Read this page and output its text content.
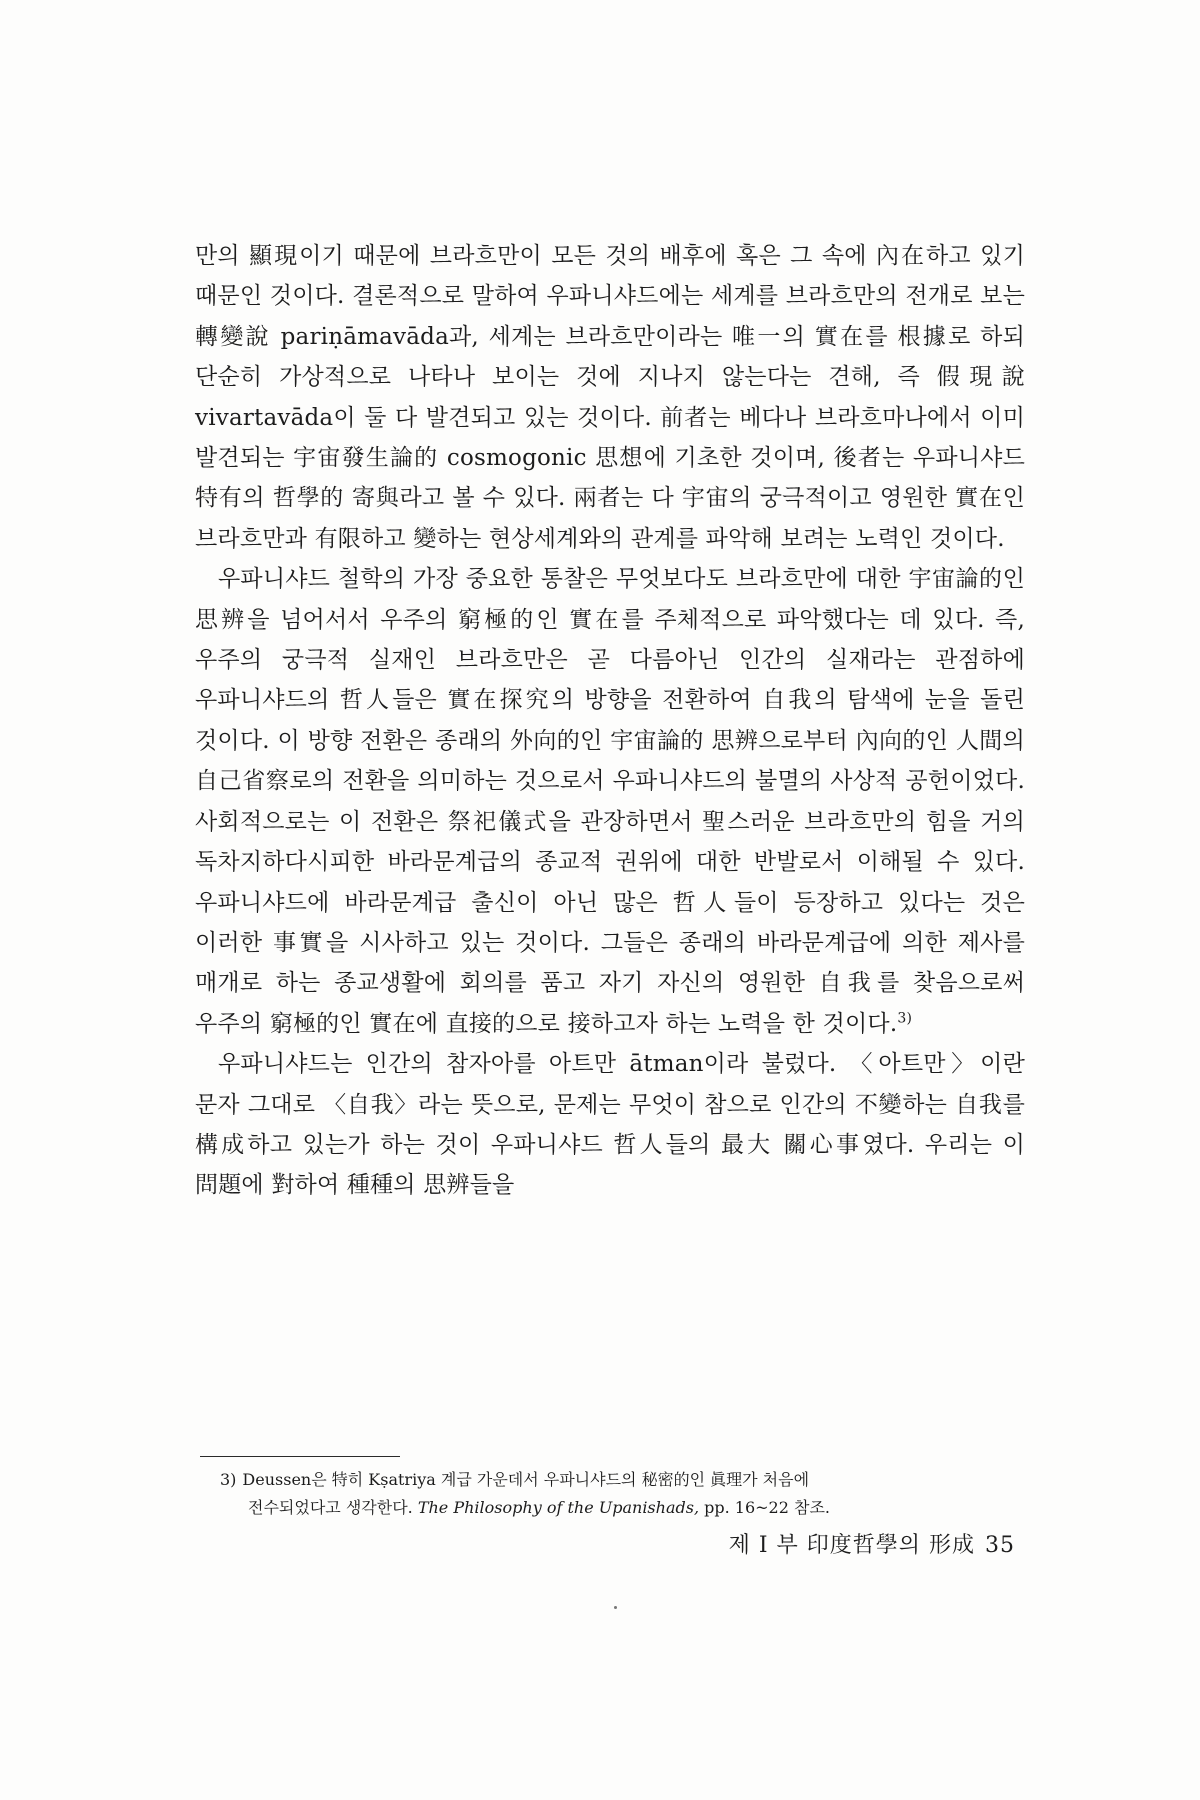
만의 顯現이기 때문에 브라흐만이 모든 것의 배후에 혹은 그 속에 內在하고 있기 때문인 것이다. 결론적으로 말하여 우파니샤드에는 세계를 브라흐만의 전개로 보는 轉變說 pariṇāmavāda과, 세계는 브라흐만이라는 唯一의 實在를 根據로 하되 단순히 가상적으로 나타나 보이는 것에 지나지 않는다는 견해, 즉 假現說 vivartavāda이 둘 다 발견되고 있는 것이다. 前者는 베다나 브라흐마나에서 이미 발견되는 宇宙發生論的 cosmogonic 思想에 기초한 것이며, 後者는 우파니샤드 特有의 哲學的 寄與라고 볼 수 있다. 兩者는 다 宇宙의 궁극적이고 영원한 實在인 브라흐만과 有限하고 變하는 현상세계와의 관계를 파악해 보려는 노력인 것이다.

우파니샤드 철학의 가장 중요한 통찰은 무엇보다도 브라흐만에 대한 宇宙論的인 思辨을 넘어서서 우주의 窮極的인 實在를 주체적으로 파악했다는 데 있다. 즉, 우주의 궁극적 실재인 브라흐만은 곧 다름아닌 인간의 실재라는 관점하에 우파니샤드의 哲人들은 實在探究의 방향을 전환하여 自我의 탐색에 눈을 돌린 것이다. 이 방향 전환은 종래의 外向的인 宇宙論的 思辨으로부터 內向的인 人間의 自己省察로의 전환을 의미하는 것으로서 우파니샤드의 불멸의 사상적 공헌이었다. 사회적으로는 이 전환은 祭祀儀式을 관장하면서 聖스러운 브라흐만의 힘을 거의 독차지하다시피한 바라문계급의 종교적 권위에 대한 반발로서 이해될 수 있다. 우파니샤드에 바라문계급 출신이 아닌 많은 哲人들이 등장하고 있다는 것은 이러한 事實을 시사하고 있는 것이다. 그들은 종래의 바라문계급에 의한 제사를 매개로 하는 종교생활에 회의를 품고 자기 자신의 영원한 自我를 찾음으로써 우주의 窮極的인 實在에 直接的으로 接하고자 하는 노력을 한 것이다.$^{3)}$

우파니샤드는 인간의 참자아를 아트만 ātman이라 불렀다. 〈아트만〉이란 문자 그대로 〈自我〉라는 뜻으로, 문제는 무엇이 참으로 인간의 不變하는 自我를 構成하고 있는가 하는 것이 우파니샤드 哲人들의 最大 關心事였다. 우리는 이 問題에 對하여 種種의 思辨들을

3) Deussen은 特히 Kṣatriya 계급 가운데서 우파니샤드의 秘密的인 眞理가 처음에
전수되었다고 생각한다. The Philosophy of the Upanishads, pp. 16~22 참조.

제 I 부 印度哲學의 形成 35
